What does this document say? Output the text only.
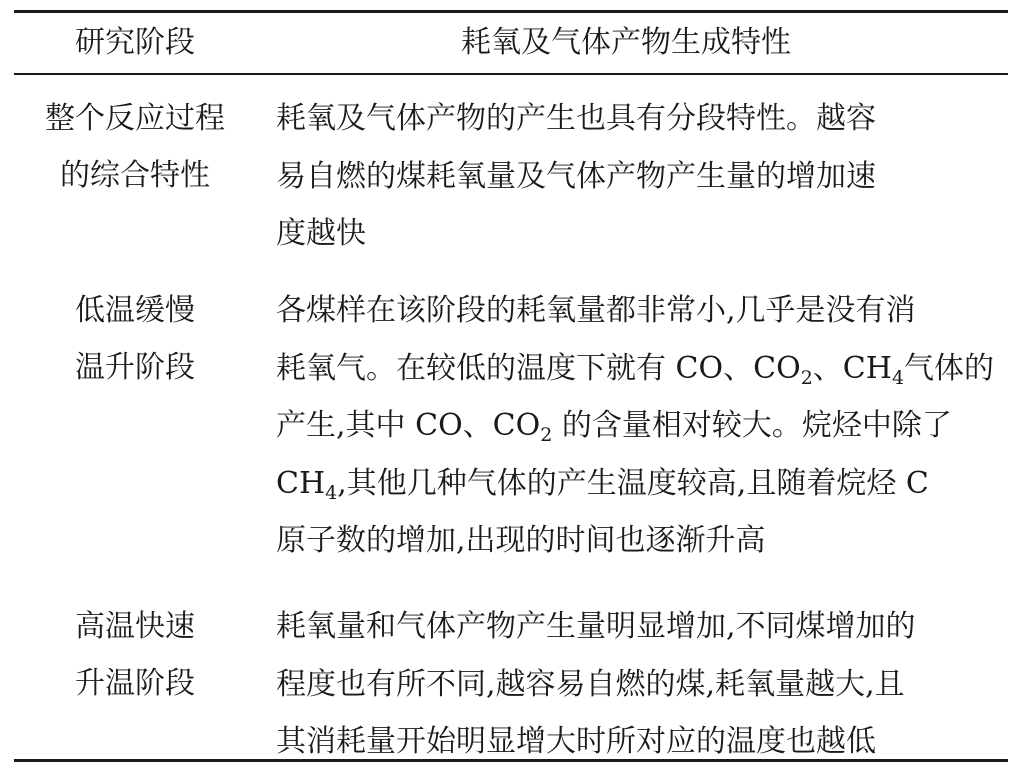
研究阶段	耗氧及气体产物生成特性
整个反应过程
的综合特性
耗氧及气体产物的产生也具有分段特性。越容
易自燃的煤耗氧量及气体产物产生量的增加速
度越快
低温缓慢
温升阶段
各煤样在该阶段的耗氧量都非常小,几乎是没有消
耗氧气。在较低的温度下就有 CO、$CO_2$、$CH_4$气体的
产生,其中 CO、$CO_2$ 的含量相对较大。烷烃中除了
$CH_4$,其他几种气体的产生温度较高,且随着烷烃 C
原子数的增加,出现的时间也逐渐升高
高温快速
升温阶段
耗氧量和气体产物产生量明显增加,不同煤增加的
程度也有所不同,越容易自燃的煤,耗氧量越大,且
其消耗量开始明显增大时所对应的温度也越低
